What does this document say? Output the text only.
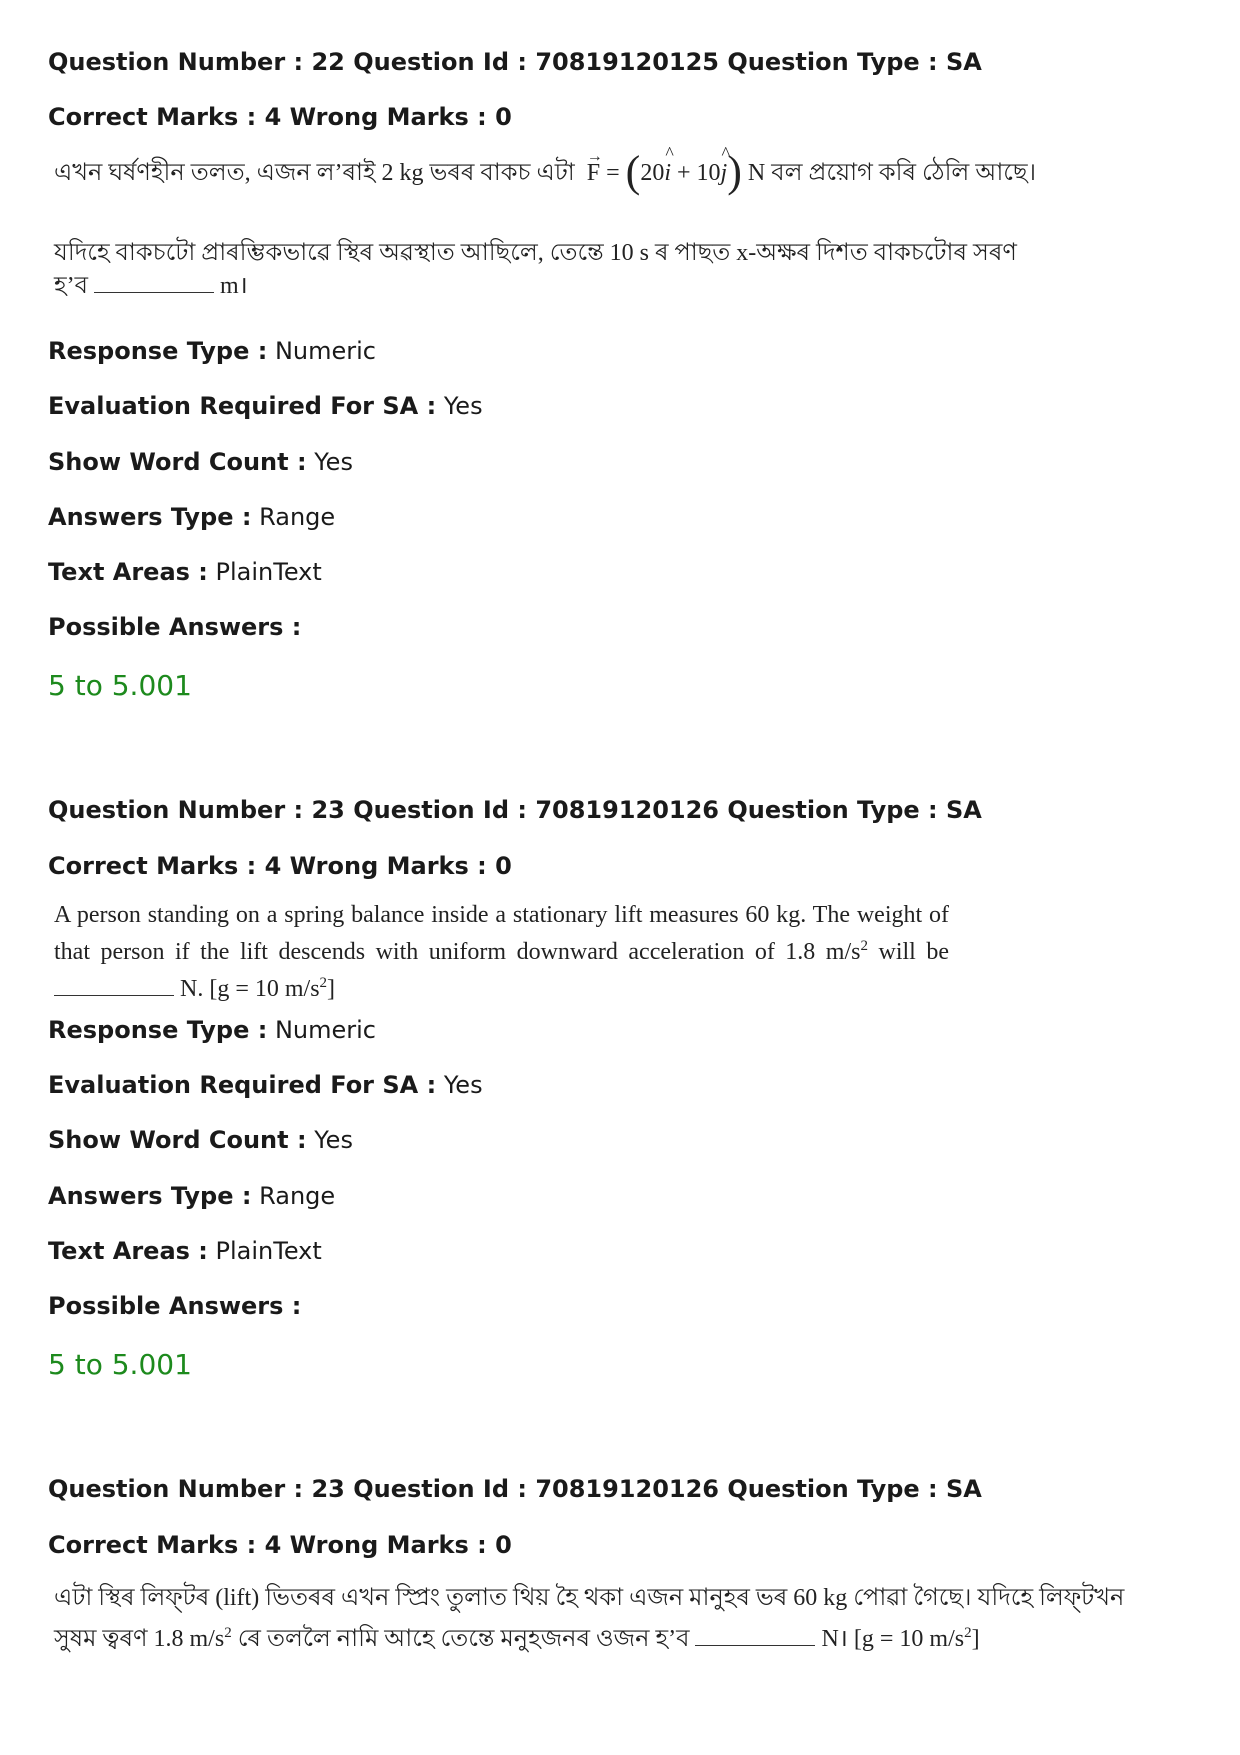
Question Number : 22 Question Id : 70819120125 Question Type : SA
Correct Marks : 4 Wrong Marks : 0
এখন ঘৰ্ষণহীন তলত, এজন ল’ৰাই 2 kg ভৰৰ বাকচ এটা
→
F = (20
^
i + 10
^
j) N বল প্ৰয়োগ কৰি ঠেলি আছে।
যদিহে বাকচটো প্ৰাৰম্ভিকভাৱে স্থিৰ অৱস্থাত আছিলে, তেন্তে 10 s ৰ পাছত x-অক্ষৰ দিশত বাকচটোৰ সৰণ
হ’ব	m।
Response Type : Numeric
Evaluation Required For SA : Yes
Show Word Count : Yes
Answers Type : Range
Text Areas : PlainText
Possible Answers :
5 to 5.001
Question Number : 23 Question Id : 70819120126 Question Type : SA
Correct Marks : 4 Wrong Marks : 0
A person standing on a spring balance inside a stationary lift measures 60 kg. The weight of
that person if the lift descends with uniform downward acceleration of 1.8 $m/s^2$ will be
N. [g = 10 $m/s^2$]
Response Type : Numeric
Evaluation Required For SA : Yes
Show Word Count : Yes
Answers Type : Range
Text Areas : PlainText
Possible Answers :
5 to 5.001
Question Number : 23 Question Id : 70819120126 Question Type : SA
Correct Marks : 4 Wrong Marks : 0
এটা স্থিৰ লিফ্‌টৰ (lift) ভিতৰৰ এখন স্প্ৰিং তুলাত থিয় হৈ থকা এজন মানুহৰ ভৰ 60 kg পোৱা গৈছে। যদিহে লিফ্‌টখন
সুষম ত্বৰণ 1.8 $m/s^2$ ৰে তললৈ নামি আহে তেন্তে মনুহজনৰ ওজন হ’ব	N। [g = 10 $m/s^2$]
